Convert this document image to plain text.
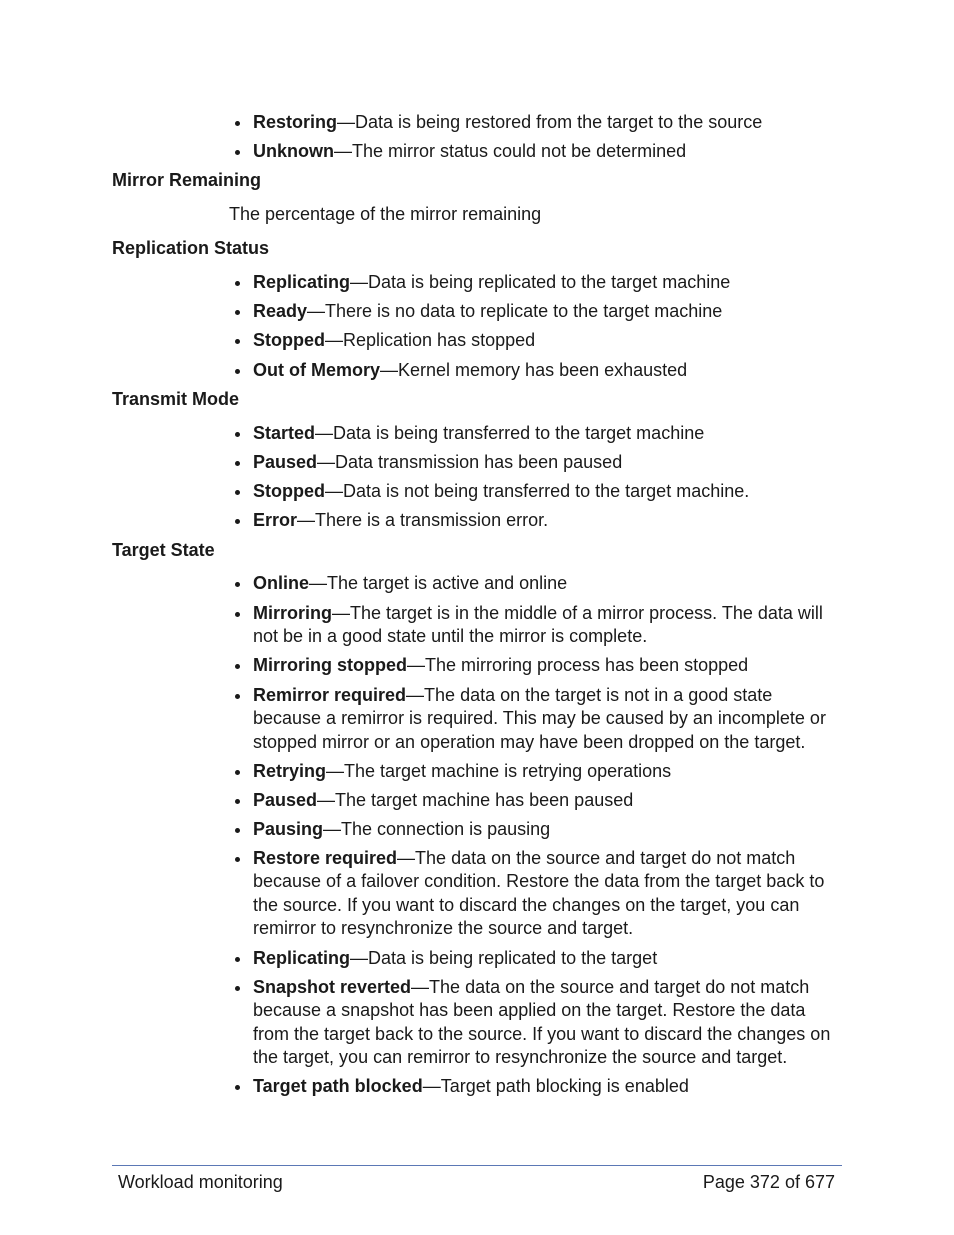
Restoring—Data is being restored from the target to the source
Unknown—The mirror status could not be determined
Mirror Remaining
The percentage of the mirror remaining
Replication Status
Replicating—Data is being replicated to the target machine
Ready—There is no data to replicate to the target machine
Stopped—Replication has stopped
Out of Memory—Kernel memory has been exhausted
Transmit Mode
Started—Data is being transferred to the target machine
Paused—Data transmission has been paused
Stopped—Data is not being transferred to the target machine.
Error—There is a transmission error.
Target State
Online—The target is active and online
Mirroring—The target is in the middle of a mirror process. The data will not be in a good state until the mirror is complete.
Mirroring stopped—The mirroring process has been stopped
Remirror required—The data on the target is not in a good state because a remirror is required. This may be caused by an incomplete or stopped mirror or an operation may have been dropped on the target.
Retrying—The target machine is retrying operations
Paused—The target machine has been paused
Pausing—The connection is pausing
Restore required—The data on the source and target do not match because of a failover condition. Restore the data from the target back to the source. If you want to discard the changes on the target, you can remirror to resynchronize the source and target.
Replicating—Data is being replicated to the target
Snapshot reverted—The data on the source and target do not match because a snapshot has been applied on the target. Restore the data from the target back to the source. If you want to discard the changes on the target, you can remirror to resynchronize the source and target.
Target path blocked—Target path blocking is enabled
Workload monitoring	Page 372 of 677
